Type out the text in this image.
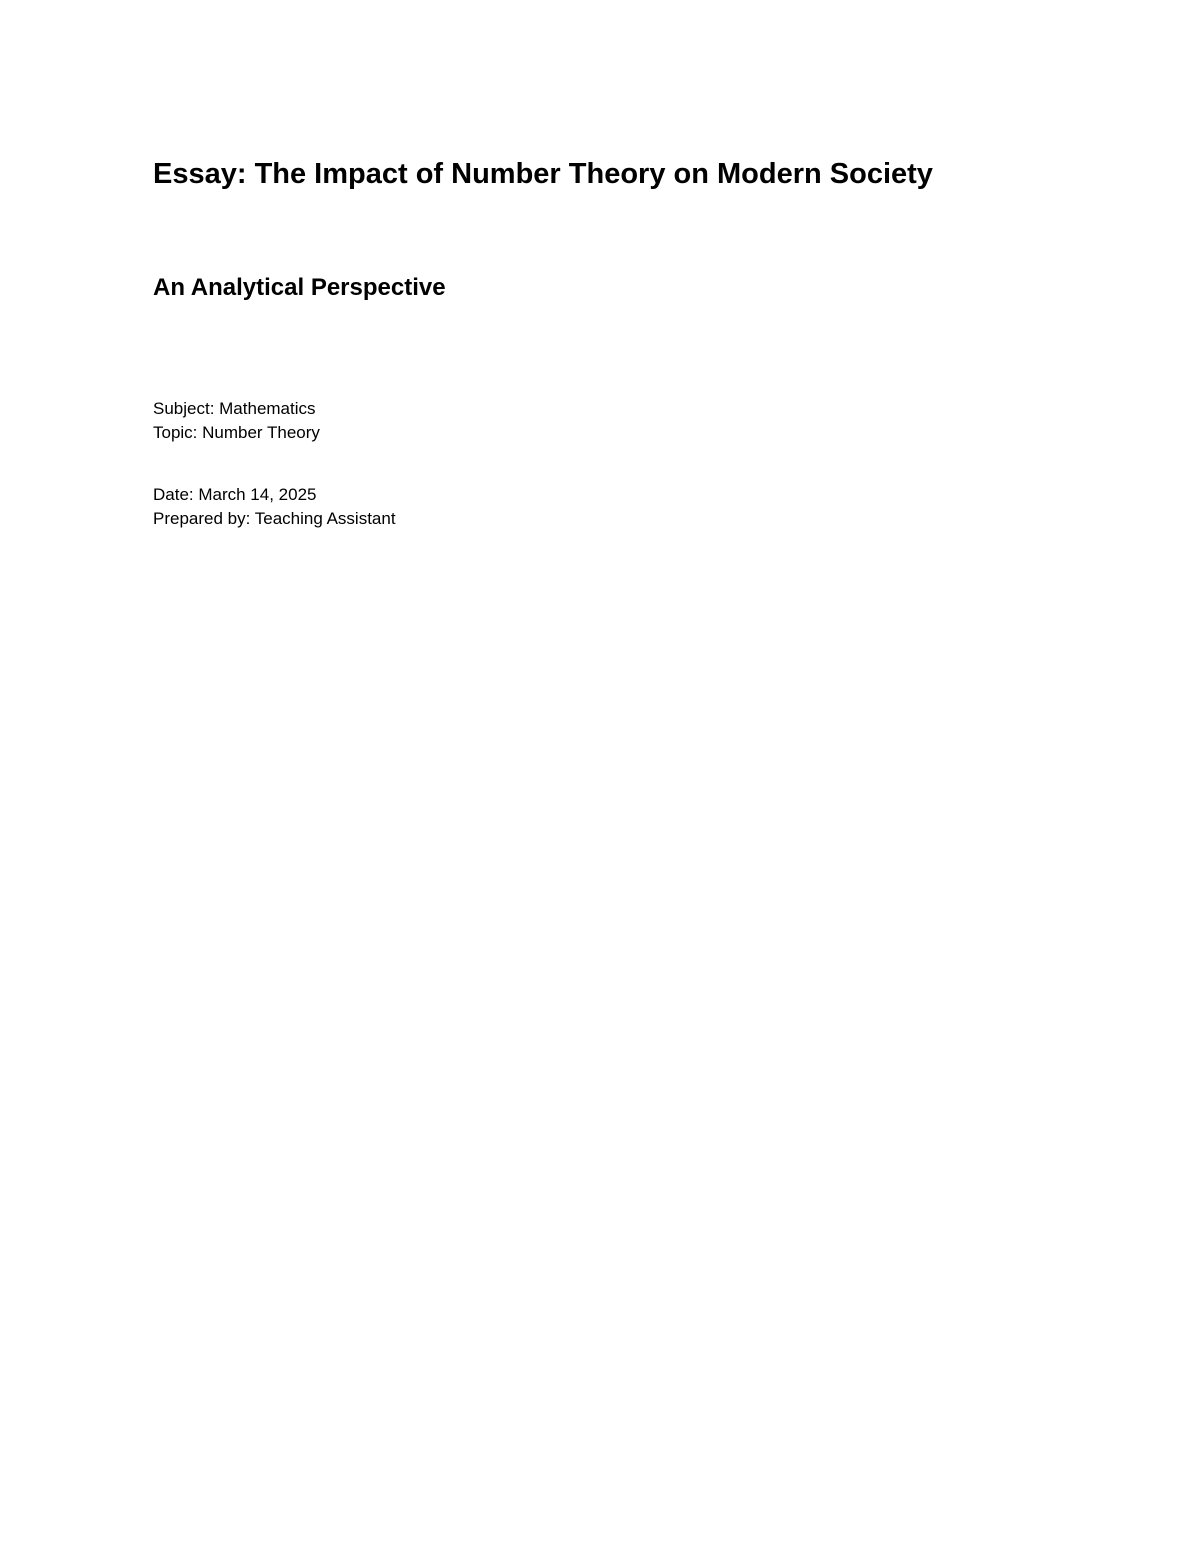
Essay: The Impact of Number Theory on Modern Society
An Analytical Perspective
Subject: Mathematics
Topic: Number Theory
Date: March 14, 2025
Prepared by: Teaching Assistant
